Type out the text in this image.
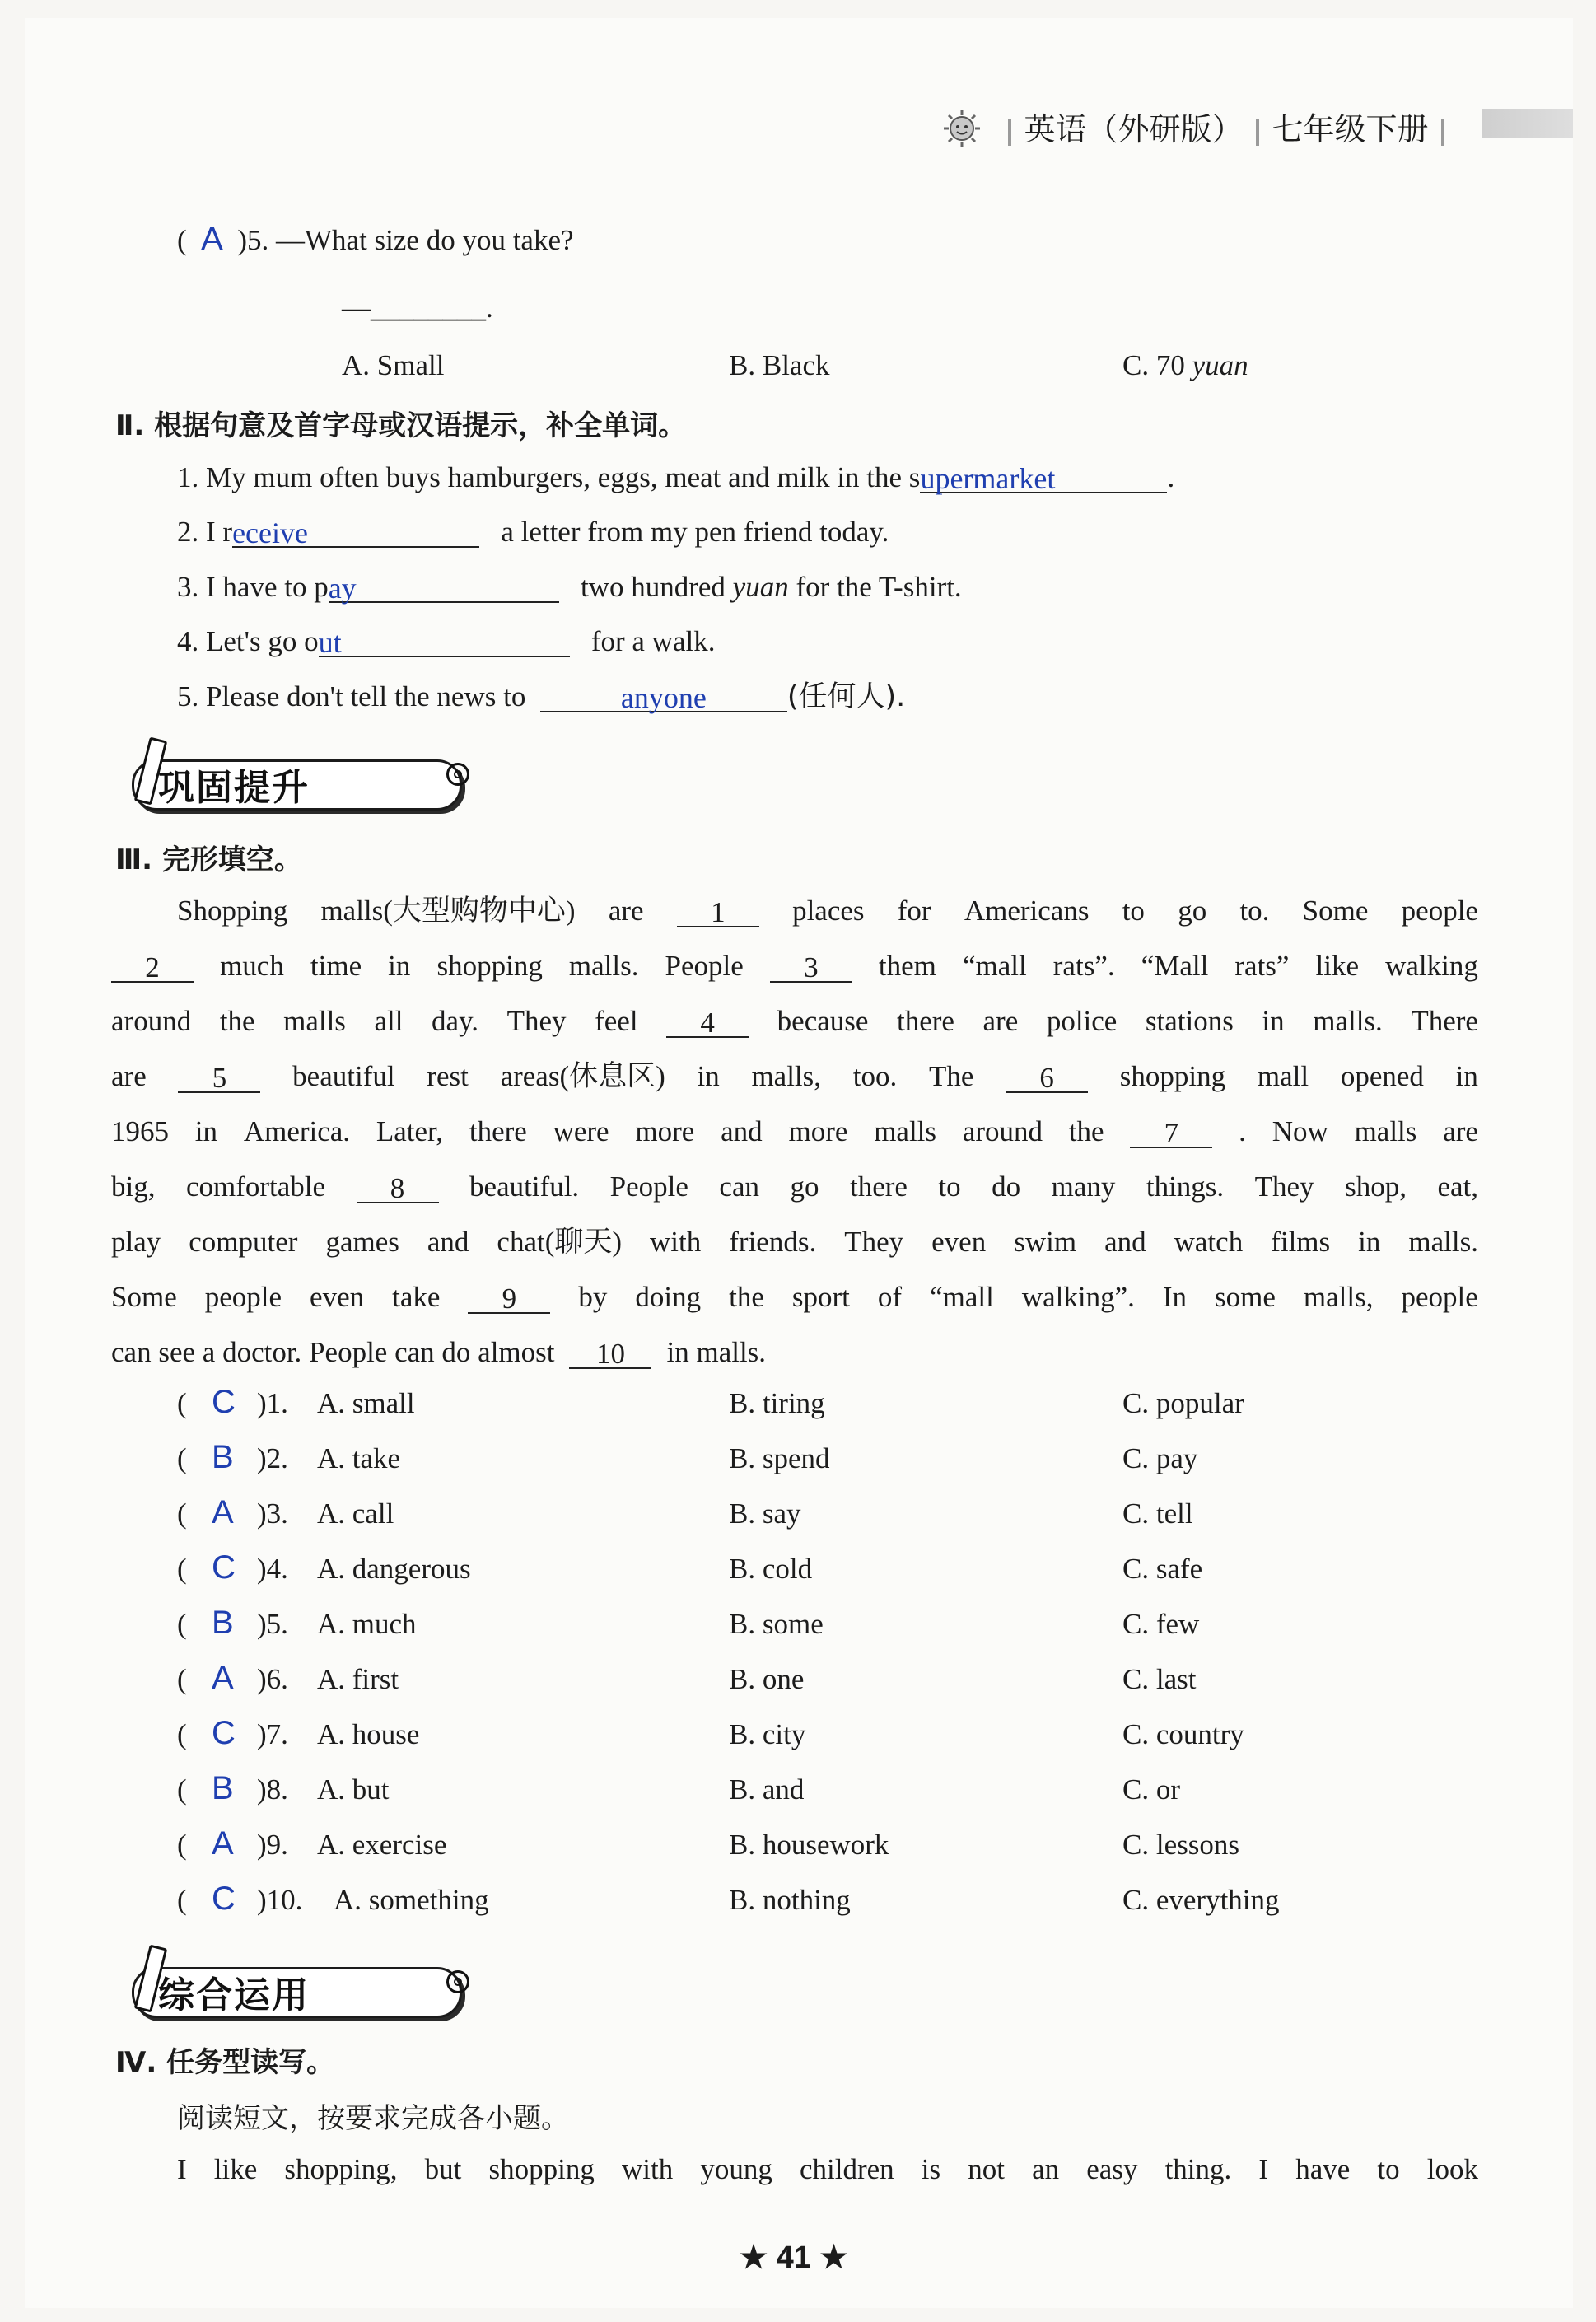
英语（外研版） 七年级下册
(  A )5. —What size do you take?
—________.
A. Small	B. Black	C. 70 yuan
Ⅱ. 根据句意及首字母或汉语提示，补全单词。
1. My mum often buys hamburgers, eggs, meat and milk in the supermarket	.
2. I receive	a letter from my pen friend today.
3. I have to pay	two hundred yuan for the T-shirt.
4. Let's go out	for a walk.
5. Please don't tell the news to	anyone	(任何人).
巩固提升
Ⅲ. 完形填空。
Shopping malls(大型购物中心) are	1	places for Americans to go to. Some people
2	much time in shopping malls. People	3	them “mall rats”. “Mall rats” like walking
around the malls all day. They feel	4	because there are police stations in malls. There
are	5	beautiful rest areas(休息区) in malls, too. The	6	shopping mall opened in
1965 in America. Later, there were more and more malls around the	7	. Now malls are
big, comfortable	8	beautiful. People can go there to do many things. They shop, eat,
play computer games and chat(聊天) with friends. They even swim and watch films in malls.
Some people even take	9	by doing the sport of “mall walking”. In some malls, people
can see a doctor. People can do almost 10 in malls.
( C )1. A. small	B. tiring	C. popular
( B )2. A. take	B. spend	C. pay
( A )3. A. call	B. say	C. tell
( C )4. A. dangerous	B. cold	C. safe
( B )5. A. much	B. some	C. few
( A )6. A. first	B. one	C. last
( C )7. A. house	B. city	C. country
( B )8. A. but	B. and	C. or
( A )9. A. exercise	B. housework	C. lessons
( C )10. A. something	B. nothing	C. everything
综合运用
Ⅳ. 任务型读写。
阅读短文，按要求完成各小题。
I like shopping, but shopping with young children is not an easy thing. I have to look
★ 41 ★
